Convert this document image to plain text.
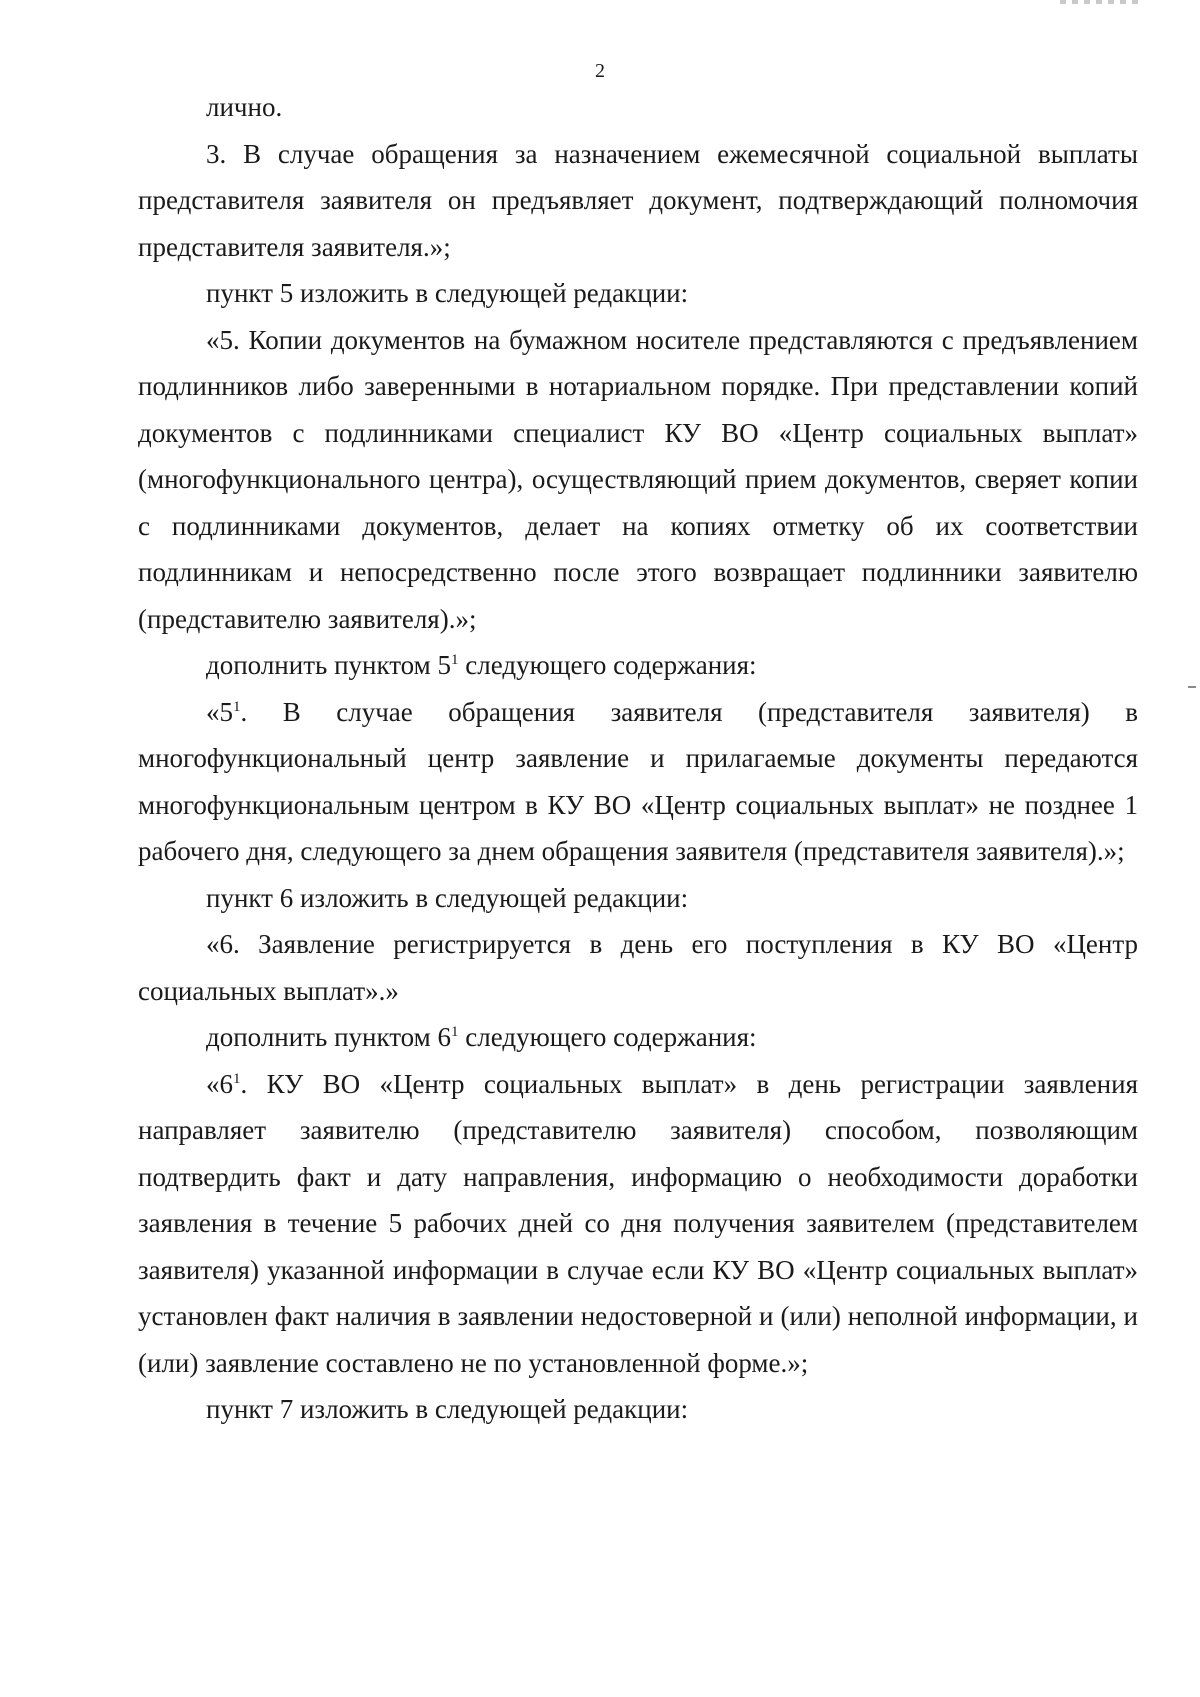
2

лично.

3. В случае обращения за назначением ежемесячной социальной выплаты представителя заявителя он предъявляет документ, подтверждающий полномочия представителя заявителя.»;

пункт 5 изложить в следующей редакции:

«5. Копии документов на бумажном носителе представляются с предъявлением подлинников либо заверенными в нотариальном порядке. При представлении копий документов с подлинниками специалист КУ ВО «Центр социальных выплат» (многофункционального центра), осуществляющий прием документов, сверяет копии с подлинниками документов, делает на копиях отметку об их соответствии подлинникам и непосредственно после этого возвращает подлинники заявителю (представителю заявителя).»;

дополнить пунктом $5^1$ следующего содержания:

«$5^1$. В случае обращения заявителя (представителя заявителя) в многофункциональный центр заявление и прилагаемые документы передаются многофункциональным центром в КУ ВО «Центр социальных выплат» не позднее 1 рабочего дня, следующего за днем обращения заявителя (представителя заявителя).»;

пункт 6 изложить в следующей редакции:

«6. Заявление регистрируется в день его поступления в КУ ВО «Центр социальных выплат».»

дополнить пунктом $6^1$ следующего содержания:

«$6^1$. КУ ВО «Центр социальных выплат» в день регистрации заявления направляет заявителю (представителю заявителя) способом, позволяющим подтвердить факт и дату направления, информацию о необходимости доработки заявления в течение 5 рабочих дней со дня получения заявителем (представителем заявителя) указанной информации в случае если КУ ВО «Центр социальных выплат» установлен факт наличия в заявлении недостоверной и (или) неполной информации, и (или) заявление составлено не по установленной форме.»;

пункт 7 изложить в следующей редакции:
